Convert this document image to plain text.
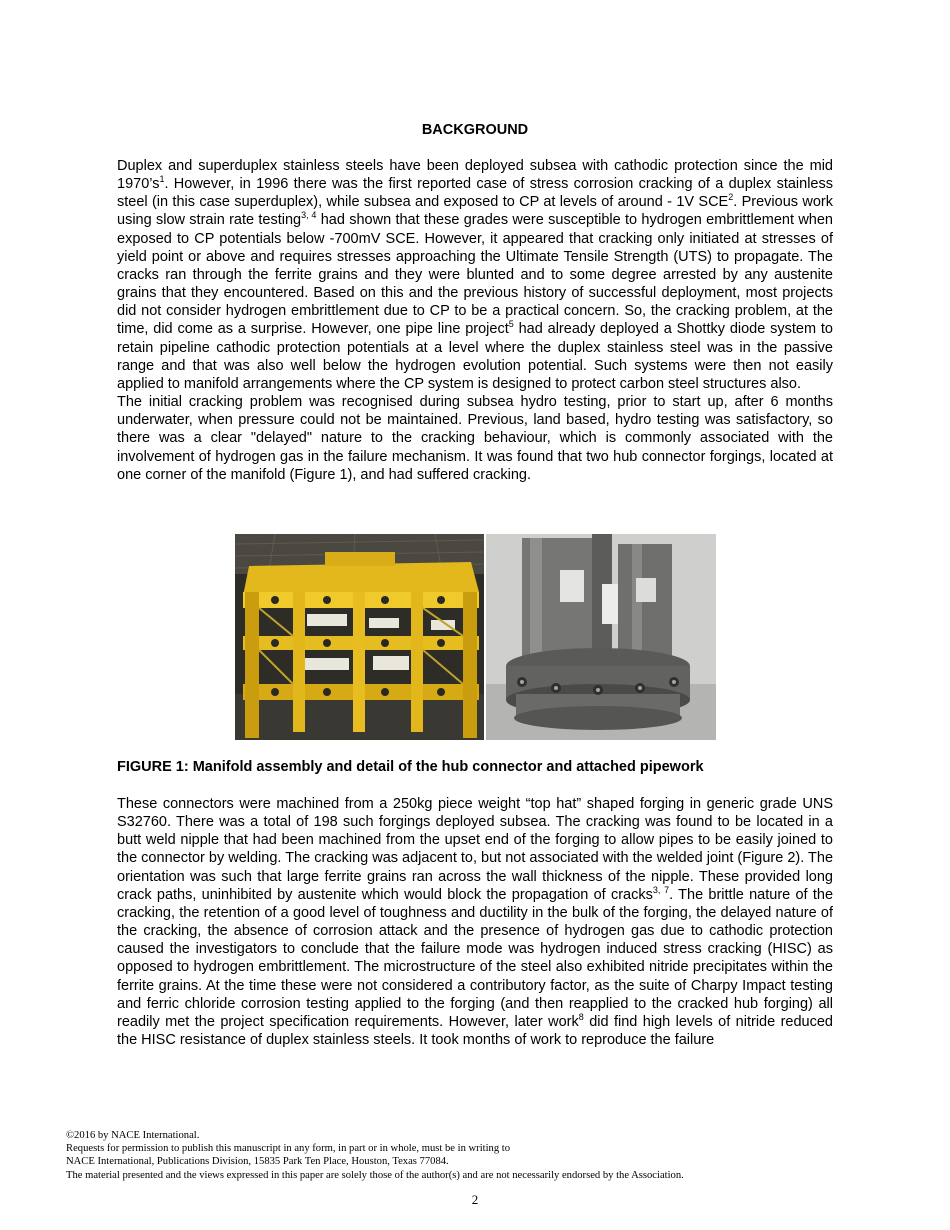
BACKGROUND
Duplex and superduplex stainless steels have been deployed subsea with cathodic protection since the mid $1970’s^1$. However, in 1996 there was the first reported case of stress corrosion cracking of a duplex stainless steel (in this case superduplex), while subsea and exposed to CP at levels of around - 1V SCE$^2$. Previous work using slow strain rate testing$^{3, 4}$ had shown that these grades were susceptible to hydrogen embrittlement when exposed to CP potentials below -700mV SCE. However, it appeared that cracking only initiated at stresses of yield point or above and requires stresses approaching the Ultimate Tensile Strength (UTS) to propagate. The cracks ran through the ferrite grains and they were blunted and to some degree arrested by any austenite grains that they encountered. Based on this and the previous history of successful deployment, most projects did not consider hydrogen embrittlement due to CP to be a practical concern. So, the cracking problem, at the time, did come as a surprise. However, one pipe line project$^5$ had already deployed a Shottky diode system to retain pipeline cathodic protection potentials at a level where the duplex stainless steel was in the passive range and that was also well below the hydrogen evolution potential. Such systems were then not easily applied to manifold arrangements where the CP system is designed to protect carbon steel structures also.
The initial cracking problem was recognised during subsea hydro testing, prior to start up, after 6 months underwater, when pressure could not be maintained. Previous, land based, hydro testing was satisfactory, so there was a clear "delayed" nature to the cracking behaviour, which is commonly associated with the involvement of hydrogen gas in the failure mechanism. It was found that two hub connector forgings, located at one corner of the manifold (Figure 1), and had suffered cracking.
FIGURE 1: Manifold assembly and detail of the hub connector and attached pipework
These connectors were machined from a 250kg piece weight “top hat” shaped forging in generic grade UNS S32760. There was a total of 198 such forgings deployed subsea. The cracking was found to be located in a butt weld nipple that had been machined from the upset end of the forging to allow pipes to be easily joined to the connector by welding. The cracking was adjacent to, but not associated with the welded joint (Figure 2). The orientation was such that large ferrite grains ran across the wall thickness of the nipple. These provided long crack paths, uninhibited by austenite which would block the propagation of cracks$^{3, 7}$. The brittle nature of the cracking, the retention of a good level of toughness and ductility in the bulk of the forging, the delayed nature of the cracking, the absence of corrosion attack and the presence of hydrogen gas due to cathodic protection caused the investigators to conclude that the failure mode was hydrogen induced stress cracking (HISC) as opposed to hydrogen embrittlement. The microstructure of the steel also exhibited nitride precipitates within the ferrite grains. At the time these were not considered a contributory factor, as the suite of Charpy Impact testing and ferric chloride corrosion testing applied to the forging (and then reapplied to the cracked hub forging) all readily met the project specification requirements. However, later work$^8$ did find high levels of nitride reduced the HISC resistance of duplex stainless steels. It took months of work to reproduce the failure
©2016 by NACE International.
Requests for permission to publish this manuscript in any form, in part or in whole, must be in writing to
NACE International, Publications Division, 15835 Park Ten Place, Houston, Texas 77084.
The material presented and the views expressed in this paper are solely those of the author(s) and are not necessarily endorsed by the Association.
2
